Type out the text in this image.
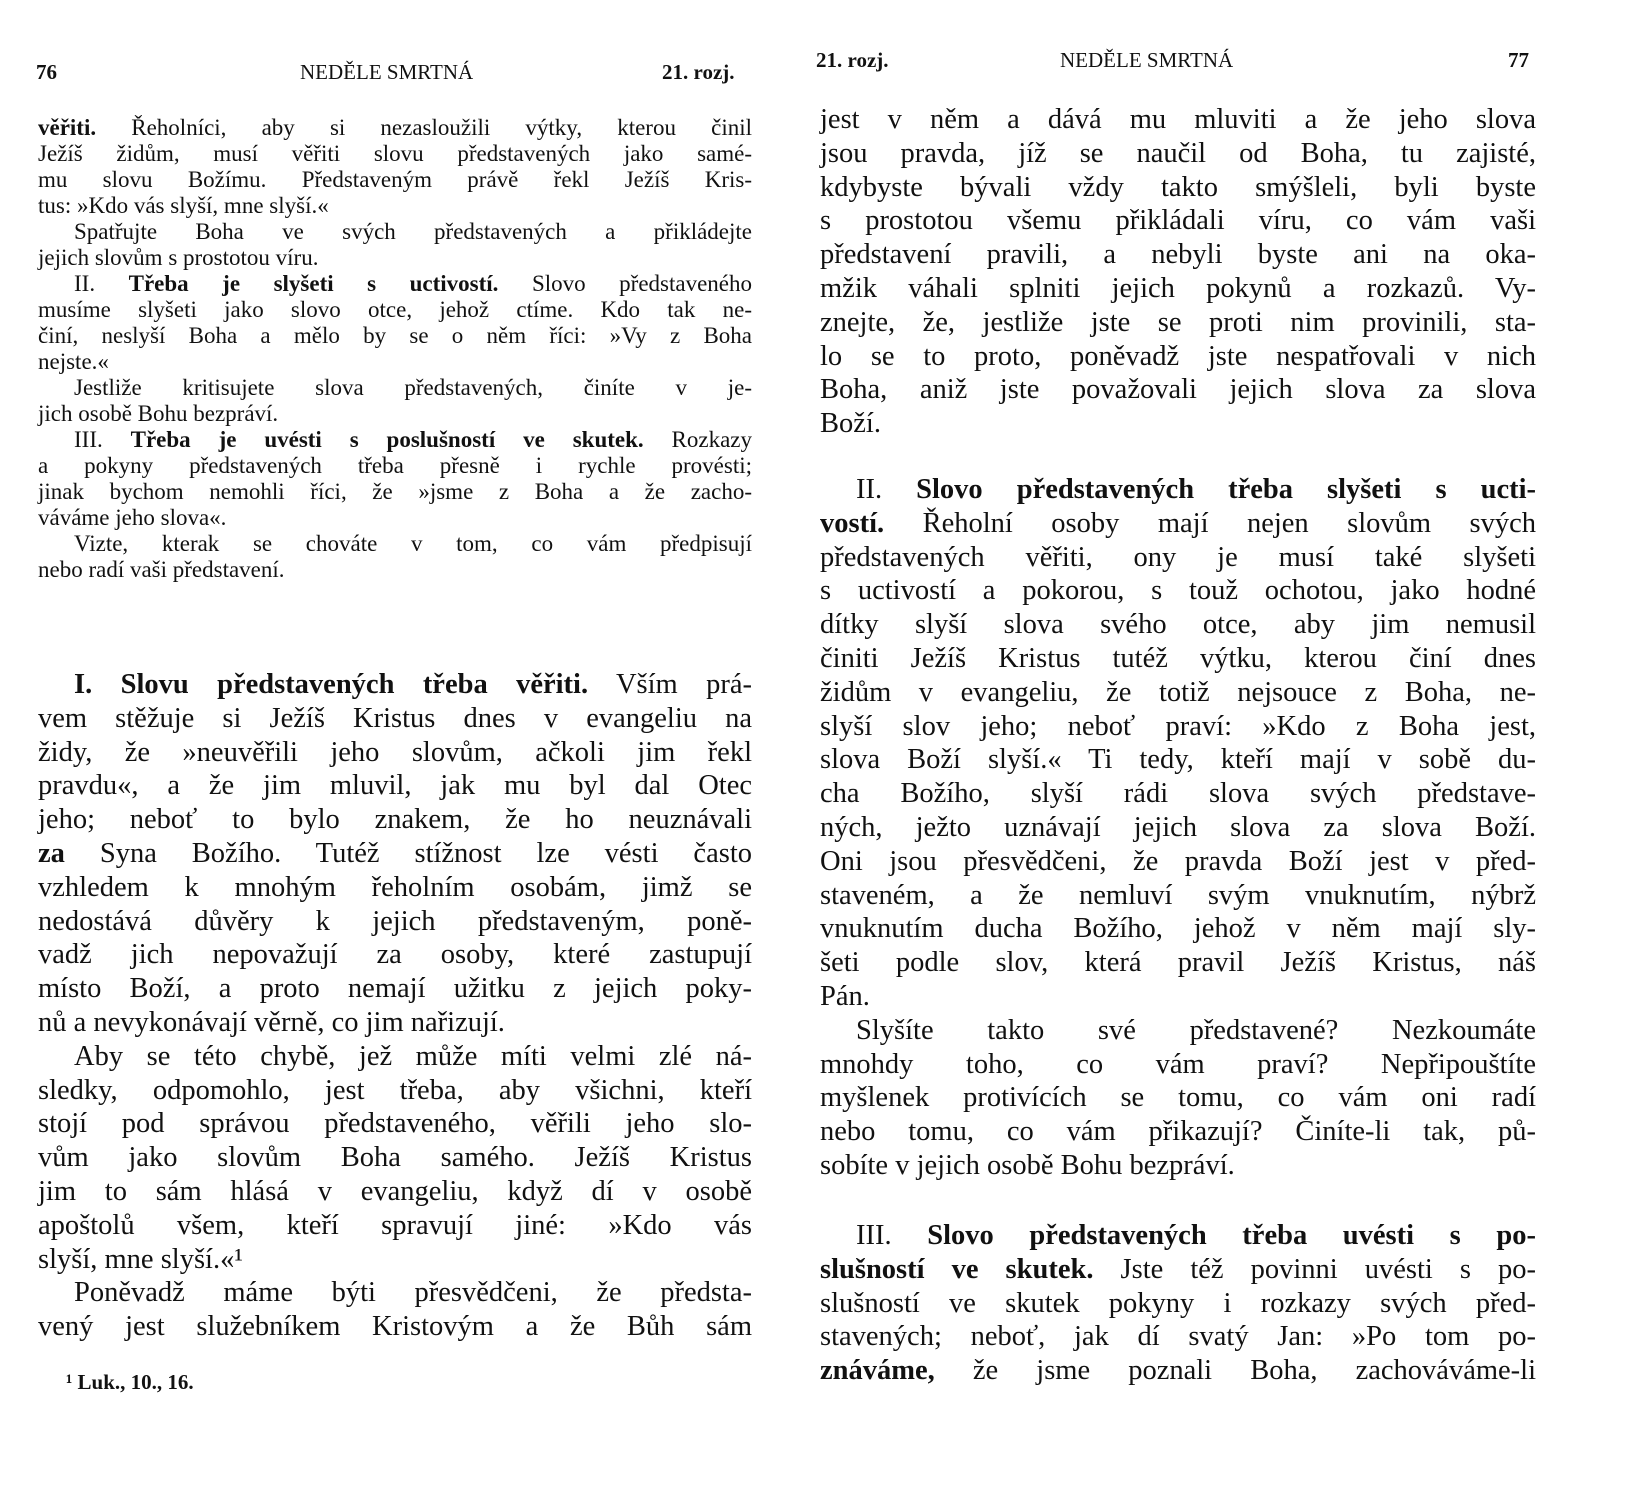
76	NEDĚLE SMRTNÁ	21. rozj.
věřiti. Řeholníci, aby si nezasloužili výtky, kterou činil
Ježíš židům, musí věřiti slovu představených jako samé-
mu slovu Božímu. Představeným právě řekl Ježíš Kris-
tus: »Kdo vás slyší, mne slyší.«
Spatřujte Boha ve svých představených a přikládejte
jejich slovům s prostotou víru.
II. Třeba je slyšeti s uctivostí. Slovo představeného
musíme slyšeti jako slovo otce, jehož ctíme. Kdo tak ne-
činí, neslyší Boha a mělo by se o něm říci: »Vy z Boha
nejste.«
Jestliže kritisujete slova představených, činíte v je-
jich osobě Bohu bezpráví.
III. Třeba je uvésti s poslušností ve skutek. Rozkazy
a pokyny představených třeba přesně i rychle provésti;
jinak bychom nemohli říci, že »jsme z Boha a že zacho-
váváme jeho slova«.
Vizte, kterak se chováte v tom, co vám předpisují
nebo radí vaši představení.
I. Slovu představených třeba věřiti. Vším prá-
vem stěžuje si Ježíš Kristus dnes v evangeliu na
židy, že »neuvěřili jeho slovům, ačkoli jim řekl
pravdu«, a že jim mluvil, jak mu byl dal Otec
jeho; neboť to bylo znakem, že ho neuznávali
za Syna Božího. Tutéž stížnost lze vésti často
vzhledem k mnohým řeholním osobám, jimž se
nedostává důvěry k jejich představeným, poně-
vadž jich nepovažují za osoby, které zastupují
místo Boží, a proto nemají užitku z jejich poky-
nů a nevykonávají věrně, co jim nařizují.
Aby se této chybě, jež může míti velmi zlé ná-
sledky, odpomohlo, jest třeba, aby všichni, kteří
stojí pod správou představeného, věřili jeho slo-
vům jako slovům Boha samého. Ježíš Kristus
jim to sám hlásá v evangeliu, když dí v osobě
apoštolů všem, kteří spravují jiné: »Kdo vás
slyší, mne slyší.«¹
Poněvadž máme býti přesvědčeni, že předsta-
vený jest služebníkem Kristovým a že Bůh sám
¹ Luk., 10., 16.
21. rozj.	NEDĚLE SMRTNÁ	77
jest v něm a dává mu mluviti a že jeho slova
jsou pravda, jíž se naučil od Boha, tu zajisté,
kdybyste bývali vždy takto smýšleli, byli byste
s prostotou všemu přikládali víru, co vám vaši
představení pravili, a nebyli byste ani na oka-
mžik váhali splniti jejich pokynů a rozkazů. Vy-
znejte, že, jestliže jste se proti nim provinili, sta-
lo se to proto, poněvadž jste nespatřovali v nich
Boha, aniž jste považovali jejich slova za slova
Boží.
II. Slovo představených třeba slyšeti s ucti-
vostí. Řeholní osoby mají nejen slovům svých
představených věřiti, ony je musí také slyšeti
s uctivostí a pokorou, s touž ochotou, jako hodné
dítky slyší slova svého otce, aby jim nemusil
činiti Ježíš Kristus tutéž výtku, kterou činí dnes
židům v evangeliu, že totiž nejsouce z Boha, ne-
slyší slov jeho; neboť praví: »Kdo z Boha jest,
slova Boží slyší.« Ti tedy, kteří mají v sobě du-
cha Božího, slyší rádi slova svých představe-
ných, ježto uznávají jejich slova za slova Boží.
Oni jsou přesvědčeni, že pravda Boží jest v před-
staveném, a že nemluví svým vnuknutím, nýbrž
vnuknutím ducha Božího, jehož v něm mají sly-
šeti podle slov, která pravil Ježíš Kristus, náš
Pán.
Slyšíte takto své představené? Nezkoumáte
mnohdy toho, co vám praví? Nepřipouštíte
myšlenek protivících se tomu, co vám oni radí
nebo tomu, co vám přikazují? Činíte-li tak, pů-
sobíte v jejich osobě Bohu bezpráví.
III. Slovo představených třeba uvésti s po-
slušností ve skutek. Jste též povinni uvésti s po-
slušností ve skutek pokyny i rozkazy svých před-
stavených; neboť, jak dí svatý Jan: »Po tom po-
znáváme, že jsme poznali Boha, zachováváme-li
